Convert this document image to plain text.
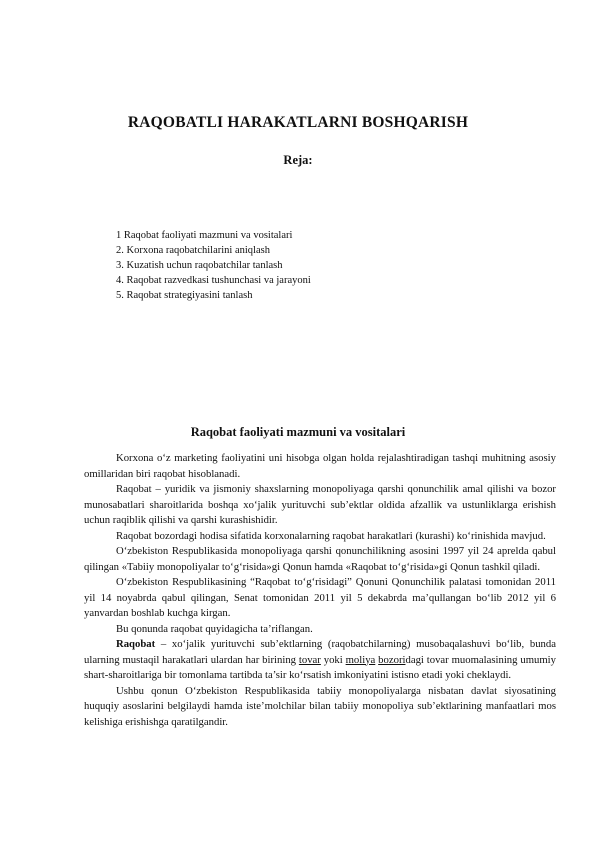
RAQOBATLI HARAKATLARNI BOSHQARISH
Reja:
1 Raqobat faoliyati mazmuni va vositalari
2. Korxona raqobatchilarini aniqlash
3. Kuzatish uchun raqobatchilar tanlash
4. Raqobat razvedkasi tushunchasi va jarayoni
5. Raqobat strategiyasini tanlash
Raqobat faoliyati mazmuni va vositalari

Korxona o‘z marketing faoliyatini uni hisobga olgan holda rejalashtiradigan tashqi muhitning asosiy omillaridan biri raqobat hisoblanadi.

Raqobat – yuridik va jismoniy shaxslarning monopoliyaga qarshi qonunchilik amal qilishi va bozor munosabatlari sharoitlarida boshqa xo‘jalik yurituvchi sub’ektlar oldida afzallik va ustunliklarga erishish uchun raqiblik qilishi va qarshi kurashishidir.

Raqobat bozordagi hodisa sifatida korxonalarning raqobat harakatlari (kurashi) ko‘rinishida mavjud.

O‘zbekiston Respublikasida monopoliyaga qarshi qonunchilikning asosini 1997 yil 24 aprelda qabul qilingan «Tabiiy monopoliyalar to‘g‘risida»gi Qonun hamda «Raqobat to‘g‘risida»gi Qonun tashkil qiladi.

O‘zbekiston Respublikasining “Raqobat to‘g‘risidagi” Qonuni Qonunchilik palatasi tomonidan 2011 yil 14 noyabrda qabul qilingan, Senat tomonidan 2011 yil 5 dekabrda ma’qullangan bo‘lib 2012 yil 6 yanvardan boshlab kuchga kirgan.

Bu qonunda raqobat quyidagicha ta’riflangan.

Raqobat – xo‘jalik yurituvchi sub’ektlarning (raqobatchilarning) musobaqalashuvi bo‘lib, bunda ularning mustaqil harakatlari ulardan har birining tovar yoki moliya bozoridagi tovar muomalasining umumiy shart-sharoitlariga bir tomonlama tartibda ta’sir ko‘rsatish imkoniyatini istisno etadi yoki cheklaydi.

Ushbu qonun O‘zbekiston Respublikasida tabiiy monopoliyalarga nisbatan davlat siyosatining huquqiy asoslarini belgilaydi hamda iste’molchilar bilan tabiiy monopoliya sub’ektlarining manfaatlari mos kelishiga erishishga qaratilgandir.
